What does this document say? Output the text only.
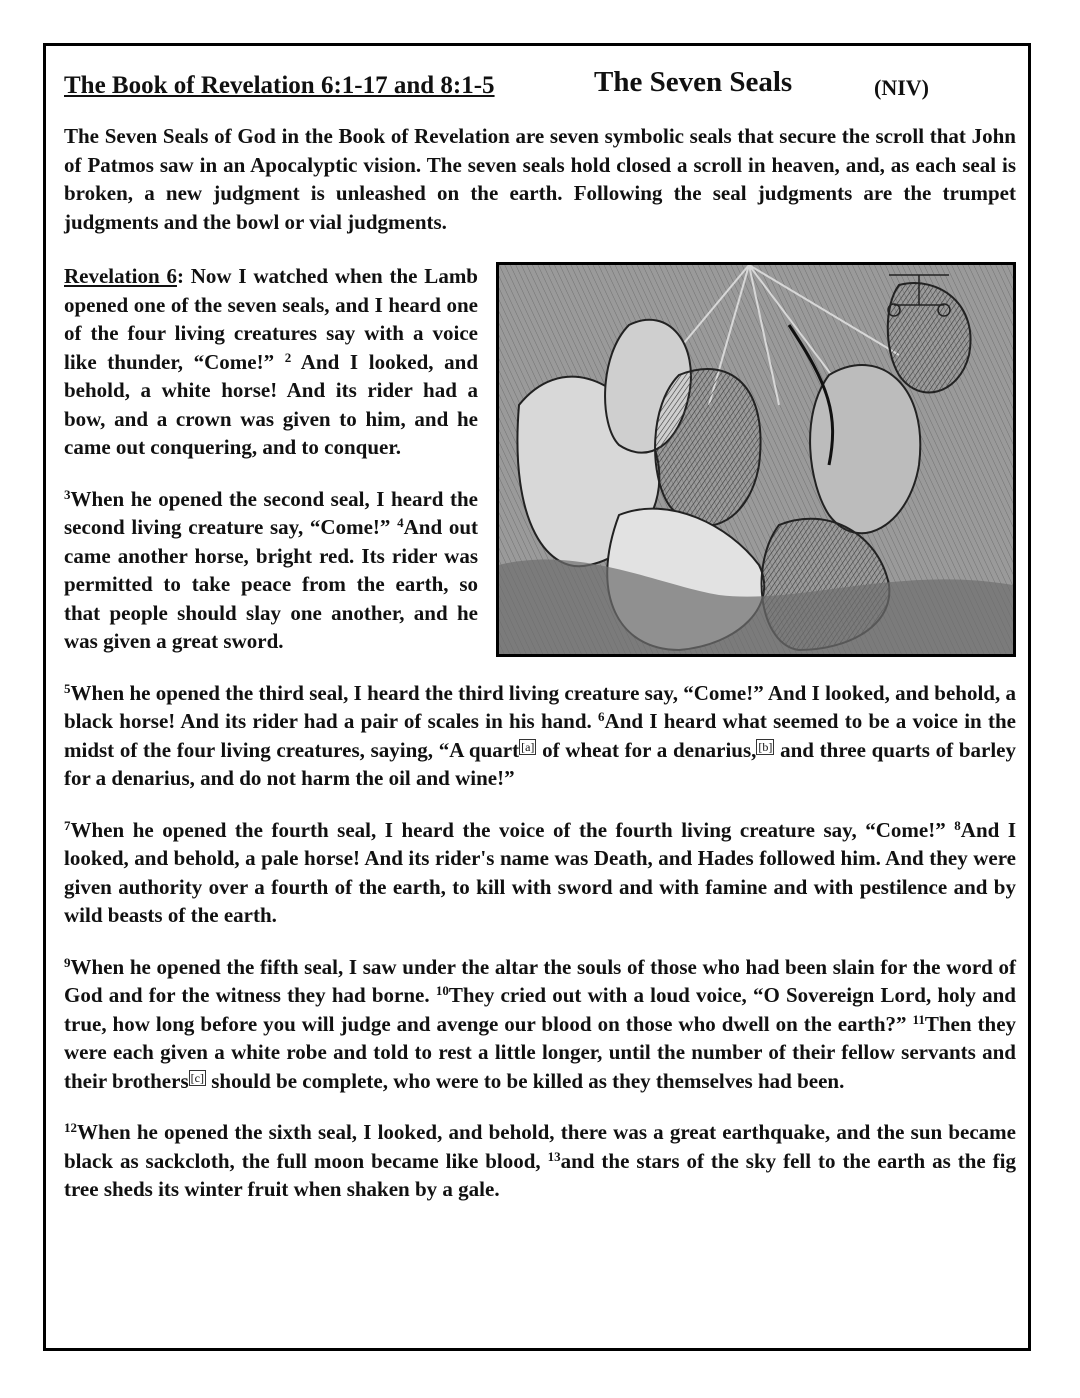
The Book of Revelation 6:1-17 and 8:1-5	The Seven Seals	(NIV)

The Seven Seals of God in the Book of Revelation are seven symbolic seals that secure the scroll that John of Patmos saw in an Apocalyptic vision. The seven seals hold closed a scroll in heaven, and, as each seal is broken, a new judgment is unleashed on the earth. Following the seal judgments are the trumpet judgments and the bowl or vial judgments.

Revelation 6: Now I watched when the Lamb opened one of the seven seals, and I heard one of the four living creatures say with a voice like thunder, “Come!” $^2$ And I looked, and behold, a white horse! And its rider had a bow, and a crown was given to him, and he came out conquering, and to conquer.

$^3$When he opened the second seal, I heard the second living creature say, “Come!” $^4$And out came another horse, bright red. Its rider was permitted to take peace from the earth, so that people should slay one another, and he was given a great sword.

$^5$When he opened the third seal, I heard the third living creature say, “Come!” And I looked, and behold, a black horse! And its rider had a pair of scales in his hand. $^6$And I heard what seemed to be a voice in the midst of the four living creatures, saying, “A quart [a] of wheat for a denarius, [b] and three quarts of barley for a denarius, and do not harm the oil and wine!”

$^7$When he opened the fourth seal, I heard the voice of the fourth living creature say, “Come!” $^8$And I looked, and behold, a pale horse! And its rider's name was Death, and Hades followed him. And they were given authority over a fourth of the earth, to kill with sword and with famine and with pestilence and by wild beasts of the earth.

$^9$When he opened the fifth seal, I saw under the altar the souls of those who had been slain for the word of God and for the witness they had borne. $^{10}$They cried out with a loud voice, “O Sovereign Lord, holy and true, how long before you will judge and avenge our blood on those who dwell on the earth?” $^{11}$Then they were each given a white robe and told to rest a little longer, until the number of their fellow servants and their brothers [c] should be complete, who were to be killed as they themselves had been.

$^{12}$When he opened the sixth seal, I looked, and behold, there was a great earthquake, and the sun became black as sackcloth, the full moon became like blood, $^{13}$and the stars of the sky fell to the earth as the fig tree sheds its winter fruit when shaken by a gale.
